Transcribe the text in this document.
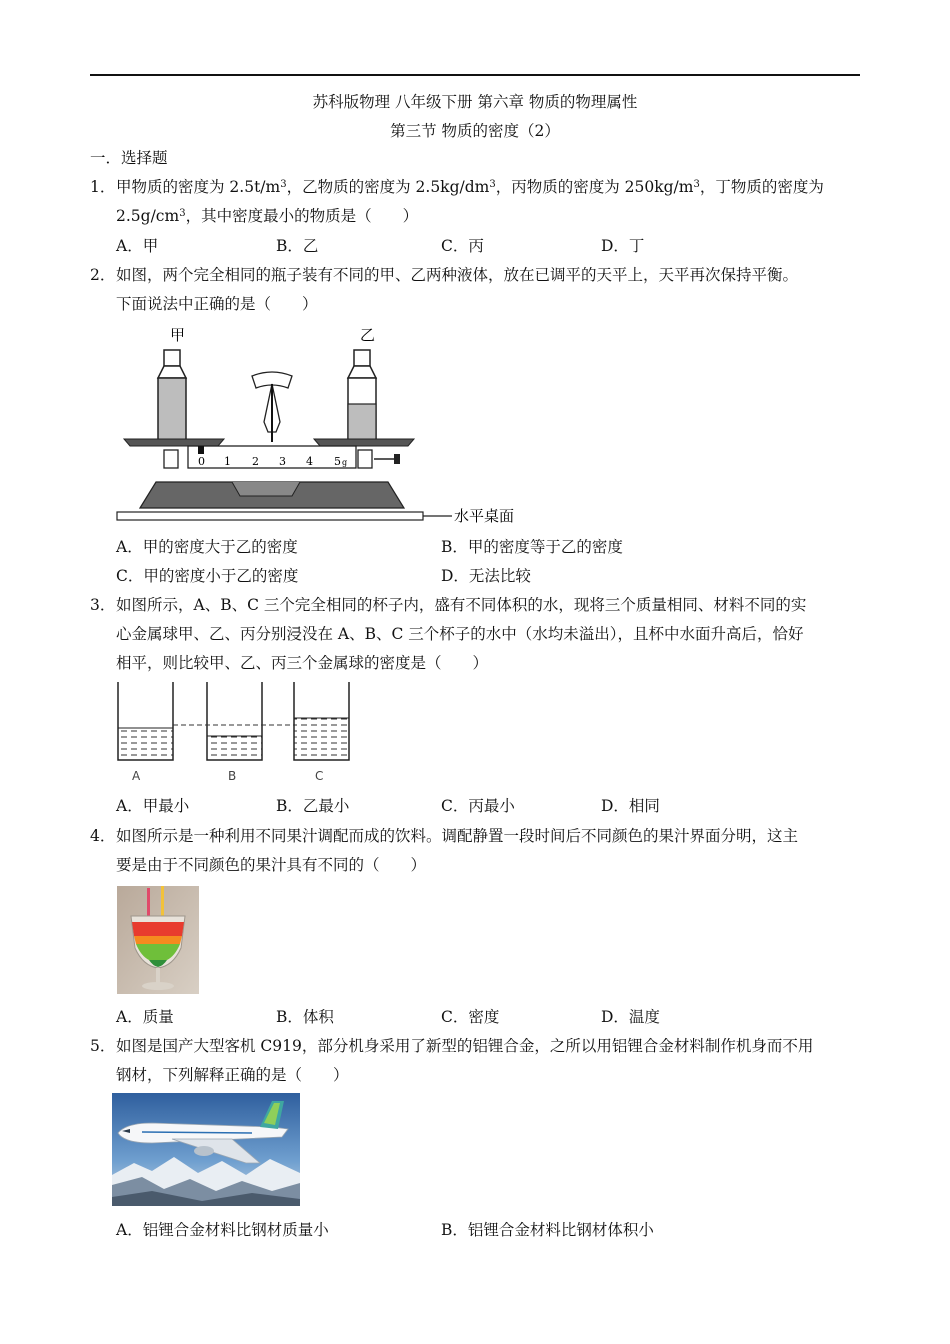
苏科版物理 八年级下册 第六章 物质的物理属性
第三节 物质的密度（2）
一．选择题
1． 甲物质的密度为 $2.5t/m^3$，乙物质的密度为 $2.5kg/dm^3$，丙物质的密度为 $250kg/m^3$，丁物质的密度为
$2.5g/cm^3$，其中密度最小的物质是（　　）
A．甲	B．乙	C．丙	D．丁
2． 如图，两个完全相同的瓶子装有不同的甲、乙两种液体，放在已调平的天平上，天平再次保持平衡。
下面说法中正确的是（　　）
甲	乙
0 1 2 3 4 5 g
水平桌面
A．甲的密度大于乙的密度	B．甲的密度等于乙的密度
C．甲的密度小于乙的密度	D．无法比较
3． 如图所示，A、B、C 三个完全相同的杯子内，盛有不同体积的水，现将三个质量相同、材料不同的实
心金属球甲、乙、丙分别浸没在 A、B、C 三个杯子的水中（水均未溢出），且杯中水面升高后，恰好
相平，则比较甲、乙、丙三个金属球的密度是（　　）
A	B	C
A．甲最小	B．乙最小	C．丙最小	D．相同
4． 如图所示是一种利用不同果汁调配而成的饮料。调配静置一段时间后不同颜色的果汁界面分明，这主
要是由于不同颜色的果汁具有不同的（　　）
A．质量	B．体积	C．密度	D．温度
5． 如图是国产大型客机 C919，部分机身采用了新型的铝锂合金，之所以用铝锂合金材料制作机身而不用
钢材，下列解释正确的是（　　）
A．铝锂合金材料比钢材质量小	B．铝锂合金材料比钢材体积小
